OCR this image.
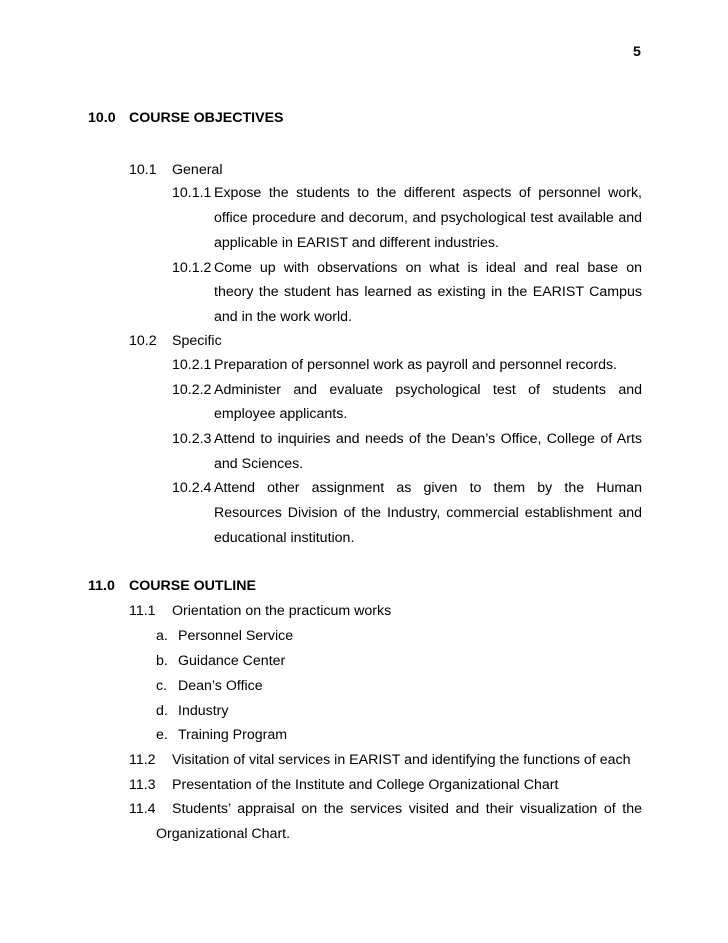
5
10.0 COURSE OBJECTIVES
10.1 General
10.1.1 Expose the students to the different aspects of personnel work,
office procedure and decorum, and psychological test available and
applicable in EARIST and different industries.
10.1.2 Come up with observations on what is ideal and real base on
theory the student has learned as existing in the EARIST Campus
and in the work world.
10.2 Specific
10.2.1 Preparation of personnel work as payroll and personnel records.
10.2.2 Administer and evaluate psychological test of students and
employee applicants.
10.2.3 Attend to inquiries and needs of the Dean’s Office, College of Arts
and Sciences.
10.2.4 Attend other assignment as given to them by the Human
Resources Division of the Industry, commercial establishment and
educational institution.
11.0 COURSE OUTLINE
11.1 Orientation on the practicum works
a. Personnel Service
b. Guidance Center
c. Dean’s Office
d. Industry
e. Training Program
11.2 Visitation of vital services in EARIST and identifying the functions of each
11.3 Presentation of the Institute and College Organizational Chart
11.4 Students’ appraisal on the services visited and their visualization of the
Organizational Chart.
